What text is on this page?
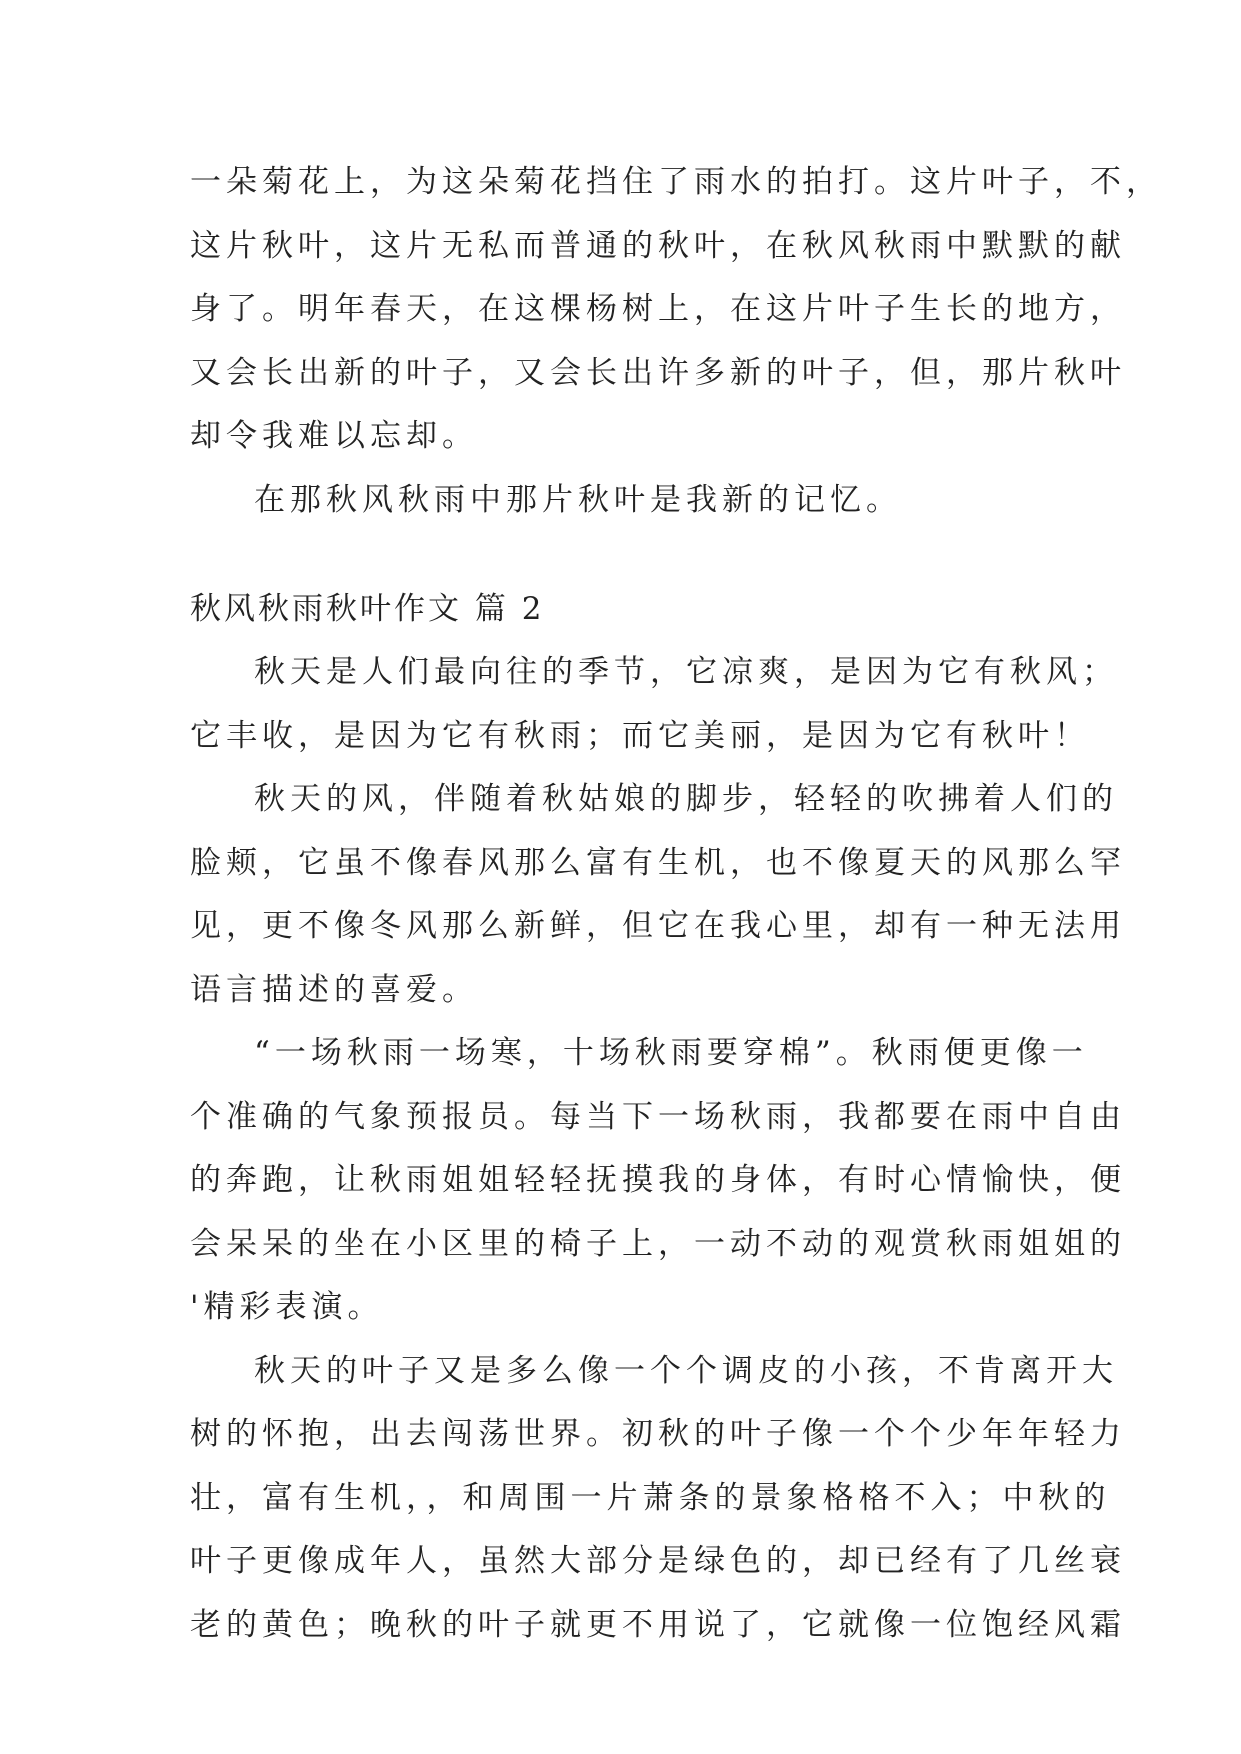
一朵菊花上，为这朵菊花挡住了雨水的拍打。这片叶子，不，
这片秋叶，这片无私而普通的秋叶，在秋风秋雨中默默的献
身了。明年春天，在这棵杨树上，在这片叶子生长的地方，
又会长出新的叶子，又会长出许多新的叶子，但，那片秋叶
却令我难以忘却。
在那秋风秋雨中那片秋叶是我新的记忆。
秋风秋雨秋叶作文 篇 2
秋天是人们最向往的季节，它凉爽，是因为它有秋风；
它丰收，是因为它有秋雨；而它美丽，是因为它有秋叶！
秋天的风，伴随着秋姑娘的脚步，轻轻的吹拂着人们的
脸颊，它虽不像春风那么富有生机，也不像夏天的风那么罕
见，更不像冬风那么新鲜，但它在我心里，却有一种无法用
语言描述的喜爱。
“一场秋雨一场寒，十场秋雨要穿棉”。秋雨便更像一
个准确的气象预报员。每当下一场秋雨，我都要在雨中自由
的奔跑，让秋雨姐姐轻轻抚摸我的身体，有时心情愉快，便
会呆呆的坐在小区里的椅子上，一动不动的观赏秋雨姐姐的
'精彩表演。
秋天的叶子又是多么像一个个调皮的小孩，不肯离开大
树的怀抱，出去闯荡世界。初秋的叶子像一个个少年年轻力
壮，富有生机，，和周围一片萧条的景象格格不入；中秋的
叶子更像成年人，虽然大部分是绿色的，却已经有了几丝衰
老的黄色；晚秋的叶子就更不用说了，它就像一位饱经风霜
